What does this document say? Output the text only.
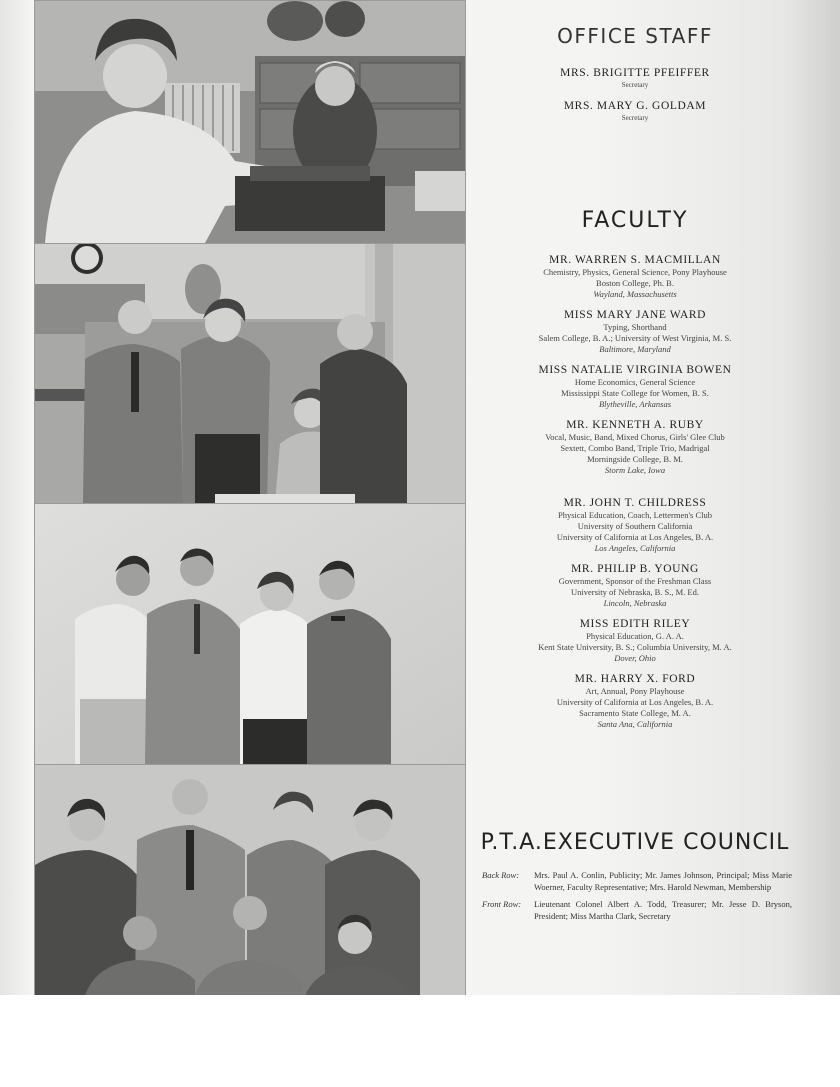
OFFICE STAFF
MRS. BRIGITTE PFEIFFER
Secretary
MRS. MARY G. GOLDAM
Secretary
FACULTY
MR. WARREN S. MACMILLAN
Chemistry, Physics, General Science, Pony Playhouse
Boston College, Ph. B.
Wayland, Massachusetts
MISS MARY JANE WARD
Typing, Shorthand
Salem College, B. A.; University of West Virginia, M. S.
Baltimore, Maryland
MISS NATALIE VIRGINIA BOWEN
Home Economics, General Science
Mississippi State College for Women, B. S.
Blytheville, Arkansas
MR. KENNETH A. RUBY
Vocal, Music, Band, Mixed Chorus, Girls' Glee Club
Sextett, Combo Band, Triple Trio, Madrigal
Morningside College, B. M.
Storm Lake, Iowa
MR. JOHN T. CHILDRESS
Physical Education, Coach, Lettermen's Club
University of Southern California
University of California at Los Angeles, B. A.
Los Angeles, California
MR. PHILIP B. YOUNG
Government, Sponsor of the Freshman Class
University of Nebraska, B. S., M. Ed.
Lincoln, Nebraska
MISS EDITH RILEY
Physical Education, G. A. A.
Kent State University, B. S.; Columbia University, M. A.
Dover, Ohio
MR. HARRY X. FORD
Art, Annual, Pony Playhouse
University of California at Los Angeles, B. A.
Sacramento State College, M. A.
Santa Ana, California
P.T.A.EXECUTIVE COUNCIL
Back Row:	Mrs. Paul A. Conlin, Publicity; Mr. James Johnson, Principal; Miss Marie Woerner, Faculty Representative; Mrs. Harold Newman, Membership
Front Row:	Lieutenant Colonel Albert A. Todd, Treasurer; Mr. Jesse D. Bryson, President; Miss Martha Clark, Secretary
